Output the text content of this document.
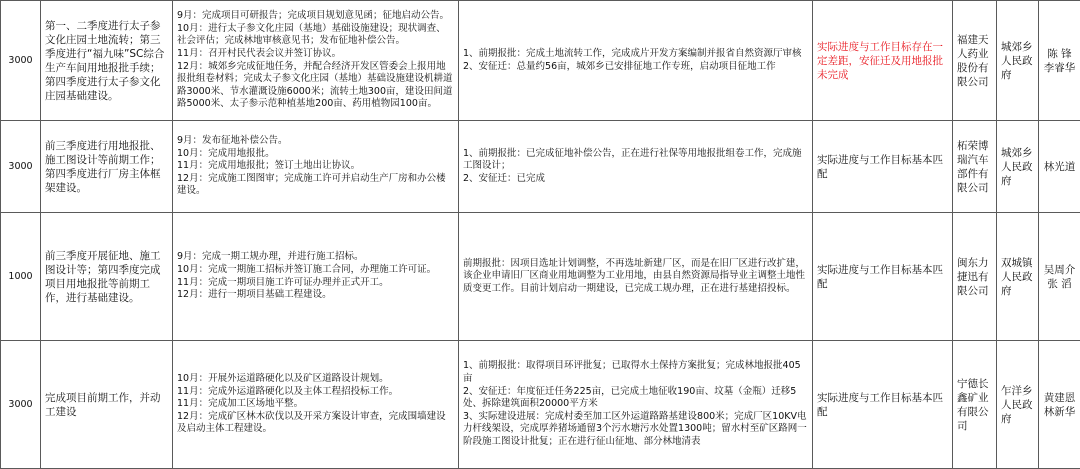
3000	第一、二季度进行太子参文化庄园土地流转；第三季度进行“福九味”SC综合生产车间用地报批手续；第四季度进行太子参文化庄园基础建设。	9月：完成项目可研报告；完成项目规划意见函；征地启动公告。
10月：进行太子参文化庄园（基地）基础设施建设；现状调查、社会评估；完成林地审核意见书；发布征地补偿公告。
11月：召开村民代表会议并签订协议。
12月：城郊乡完成征地任务，并配合经济开发区管委会上报用地报批组卷材料；完成太子参文化庄园（基地）基础设施建设机耕道路3000米、节水灌溉设施6000米；流转土地300亩，建设田间道路5000米、太子参示范种植基地200亩、药用植物园100亩。	1、前期报批：完成土地流转工作，完成成片开发方案编制并报省自然资源厅审核
2、安征迁：总量约56亩，城郊乡已安排征地工作专班，启动项目征地工作	实际进度与工作目标存在一定差距，安征迁及用地报批未完成	福建天人药业股份有限公司	城郊乡人民政府	陈 锋
李睿华

3000	前三季度进行用地报批、施工图设计等前期工作；第四季度进行厂房主体框架建设。	9月：发布征地补偿公告。
10月：完成用地报批。
11月：完成用地报批；签订土地出让协议。
12月：完成施工图图审；完成施工许可并启动生产厂房和办公楼建设。	1、前期报批：已完成征地补偿公告，正在进行社保等用地报批组卷工作，完成施工图设计；
2、安征迁：已完成	实际进度与工作目标基本匹配	柘荣博瑞汽车部件有限公司	城郊乡人民政府	林光道

1000	前三季度开展征地、施工图设计等；第四季度完成项目用地报批等前期工作，进行基础建设。	9月：完成一期工规办理，并进行施工招标。
10月：完成一期施工招标并签订施工合同，办理施工许可证。
11月：完成一期项目施工许可证办理并正式开工。
12月：进行一期项目基础工程建设。	前期报批：因项目选址计划调整，不再选址新建厂区，而是在旧厂区进行改扩建，该企业申请旧厂区商业用地调整为工业用地，由县自然资源局指导业主调整土地性质变更工作。目前计划启动一期建设，已完成工规办理，正在进行基建招投标。	实际进度与工作目标基本匹配	闽东力捷迅有限公司	双城镇人民政府	吴周介
张 滔

3000	完成项目前期工作，并动工建设	10月：开展外运道路硬化以及矿区道路设计规划。
11月：完成外运道路硬化以及主体工程招投标工作。
11月：完成加工区场地平整。
12月：完成矿区林木砍伐以及开采方案设计审查，完成围墙建设及启动主体工程建设。	1、前期报批：取得项目环评批复；已取得水土保持方案批复；完成林地报批405亩
2、安征迁：年度征迁任务225亩，已完成土地征收190亩、坟墓（金瓶）迁移5处、拆除建筑面积20000平方米
3、实际建设进展：完成村委至加工区外运道路路基建设800米；完成厂区10KV电力杆线架设，完成厚养猪场通留3个污水塘污水处置1300吨；留水村至矿区路网一阶段施工图设计批复；正在进行征山征地、部分林地清表	实际进度与工作目标基本匹配	宁德长鑫矿业有限公司	乍洋乡人民政府	黄建恩
林新华
